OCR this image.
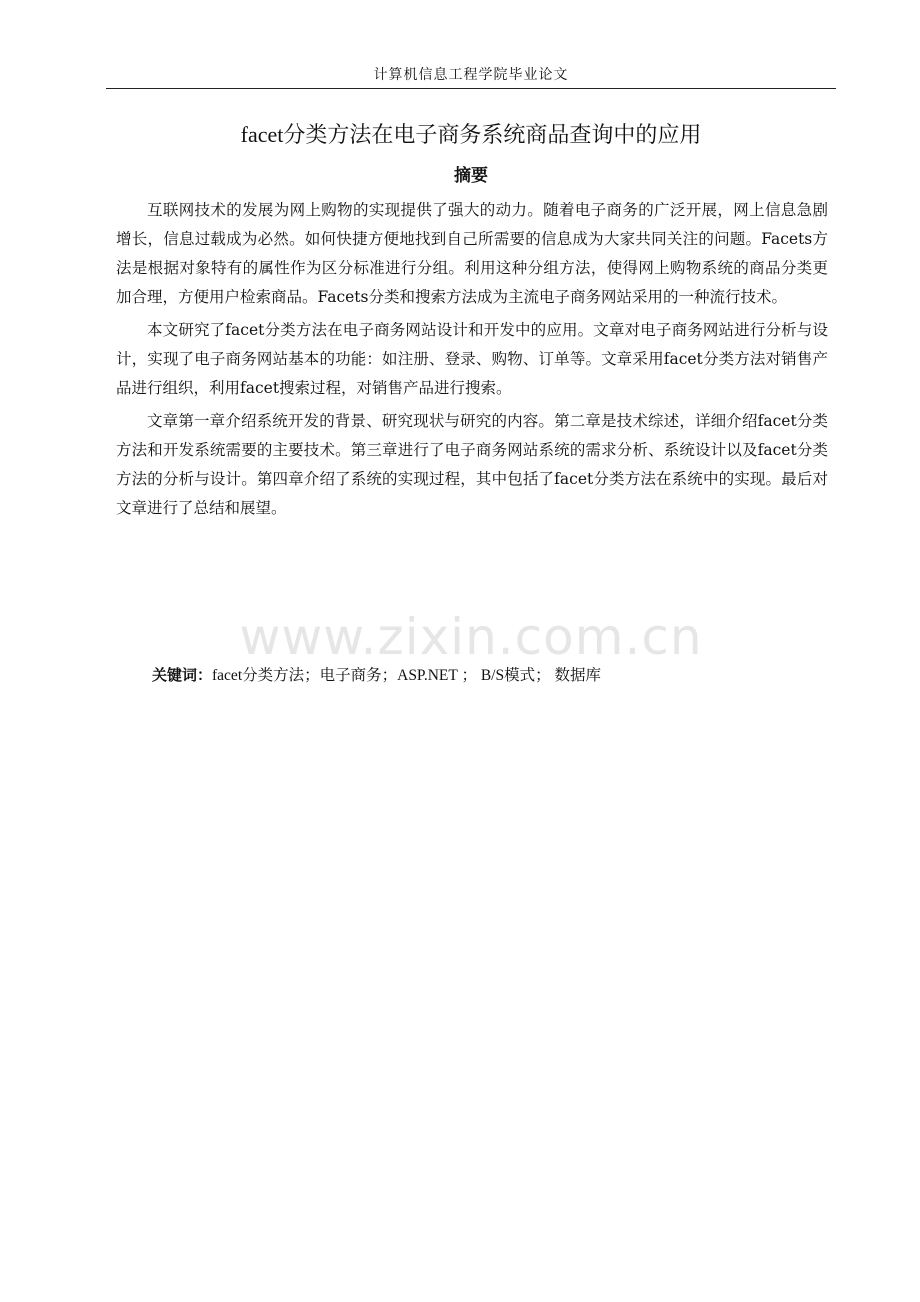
计算机信息工程学院毕业论文
facet分类方法在电子商务系统商品查询中的应用
摘要

互联网技术的发展为网上购物的实现提供了强大的动力。随着电子商务的广泛开展，网上信息急剧增长，信息过载成为必然。如何快捷方便地找到自己所需要的信息成为大家共同关注的问题。Facets方法是根据对象特有的属性作为区分标准进行分组。利用这种分组方法，使得网上购物系统的商品分类更加合理，方便用户检索商品。Facets分类和搜索方法成为主流电子商务网站采用的一种流行技术。

本文研究了facet分类方法在电子商务网站设计和开发中的应用。文章对电子商务网站进行分析与设计，实现了电子商务网站基本的功能：如注册、登录、购物、订单等。文章采用facet分类方法对销售产品进行组织，利用facet搜索过程，对销售产品进行搜索。

文章第一章介绍系统开发的背景、研究现状与研究的内容。第二章是技术综述，详细介绍facet分类方法和开发系统需要的主要技术。第三章进行了电子商务网站系统的需求分析、系统设计以及facet分类方法的分析与设计。第四章介绍了系统的实现过程，其中包括了facet分类方法在系统中的实现。最后对文章进行了总结和展望。

www.zixin.com.cn
关键词：facet分类方法；电子商务；ASP.NET ； B/S模式； 数据库
